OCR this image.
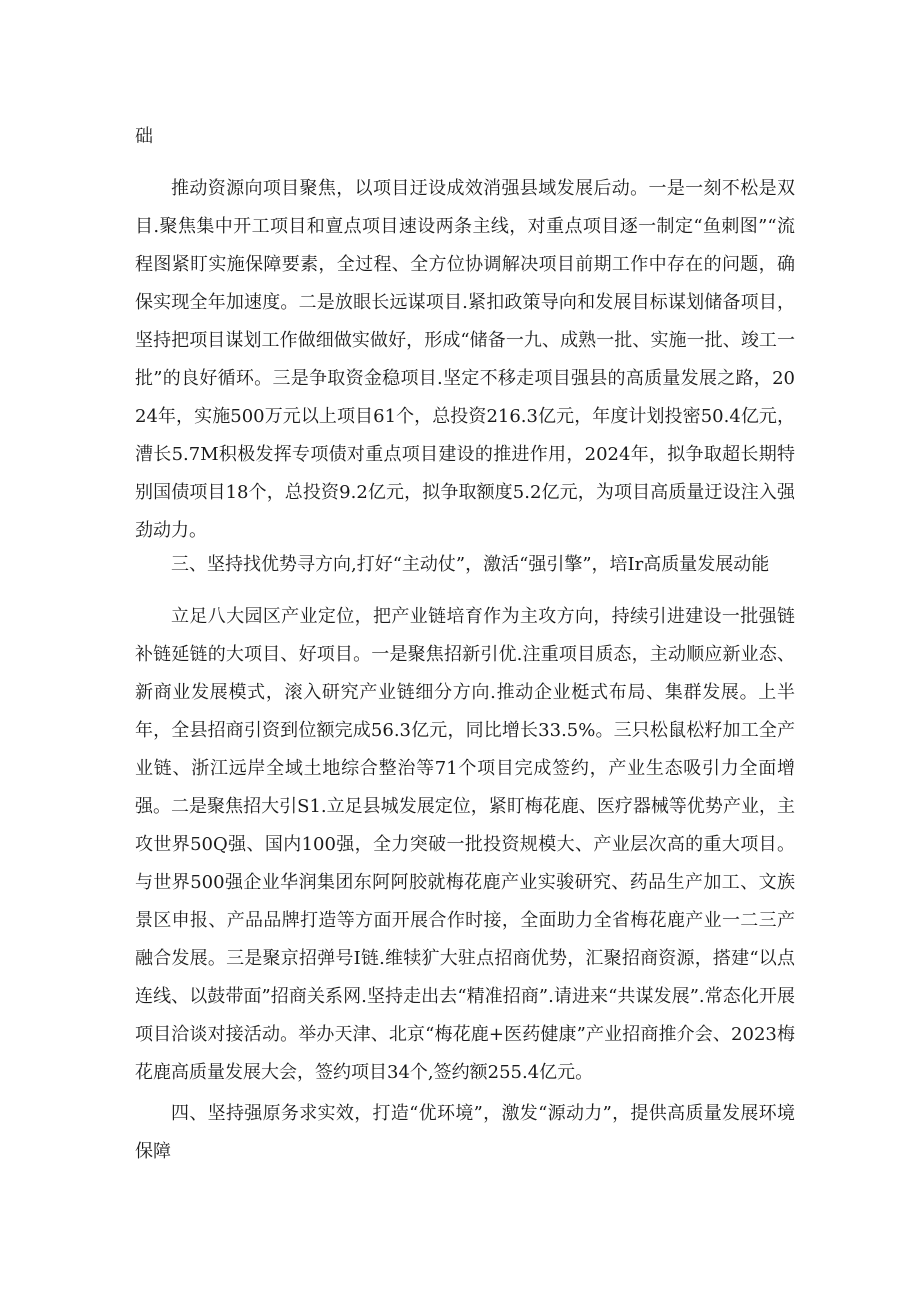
础

推动资源向项目聚焦，以项目迂设成效消强县域发展后动。一是一刻不松是双目.聚焦集中开工项目和亶点项目速设两条主线，对重点项目逐一制定“鱼刺图”“流程图紧盯实施保障要素，全过程、全方位协调解决项目前期工作中存在的问题，确保实现全年加速度。二是放眼长远谋项目.紧扣政策导向和发展目标谋划储备项目，坚持把项目谋划工作做细做实做好，形成“储备一九、成熟一批、实施一批、竣工一批”的良好循环。三是争取资金稳项目.坚定不移走项目强县的高质量发展之路，2024年，实施500万元以上项目61个，总投资216.3亿元，年度计划投密50.4亿元，漕长5.7M积极发挥专项债对重点项目建设的推进作用，2024年，拟争取超长期特别国债项目18个，总投资9.2亿元，拟争取额度5.2亿元，为项目高质量迂设注入强劲动力。

三、坚持找优势寻方向,打好“主动仗”，激活“强引擎”，培Ir高质量发展动能

立足八大园区产业定位，把产业链培育作为主攻方向，持续引进建设一批强链补链延链的大项目、好项目。一是聚焦招新引优.注重项目质态，主动顺应新业态、新商业发展模式，滚入研究产业链细分方向.推动企业梃式布局、集群发展。上半年，全县招商引资到位额完成56.3亿元，同比增长33.5%。三只松鼠松籽加工全产业链、浙江远岸全域土地综合整治等71个项目完成签约，产业生态吸引力全面增强。二是聚焦招大引S1.立足县城发展定位，紧盯梅花鹿、医疗器械等优势产业，主攻世界50Q强、国内100强，全力突破一批投资规模大、产业层次高的重大项目。与世界500强企业华润集团东阿阿胶就梅花鹿产业实骏研究、药品生产加工、文族景区申报、产品品牌打造等方面开展合作时接，全面助力全省梅花鹿产业一二三产融合发展。三是聚京招弹号I链.维犊犷大驻点招商优势，汇聚招商资源，搭建“以点连线、以鼓带面”招商关系网.坚持走出去“精准招商”.请进来“共谋发展”.常态化开展项目洽谈对接活动。举办天津、北京“梅花鹿+医药健康”产业招商推介会、2023梅花鹿高质量发展大会，签约项目34个,签约额255.4亿元。

四、坚持强原务求实效，打造“优环境”，激发“源动力”，提供高质量发展环境保障
